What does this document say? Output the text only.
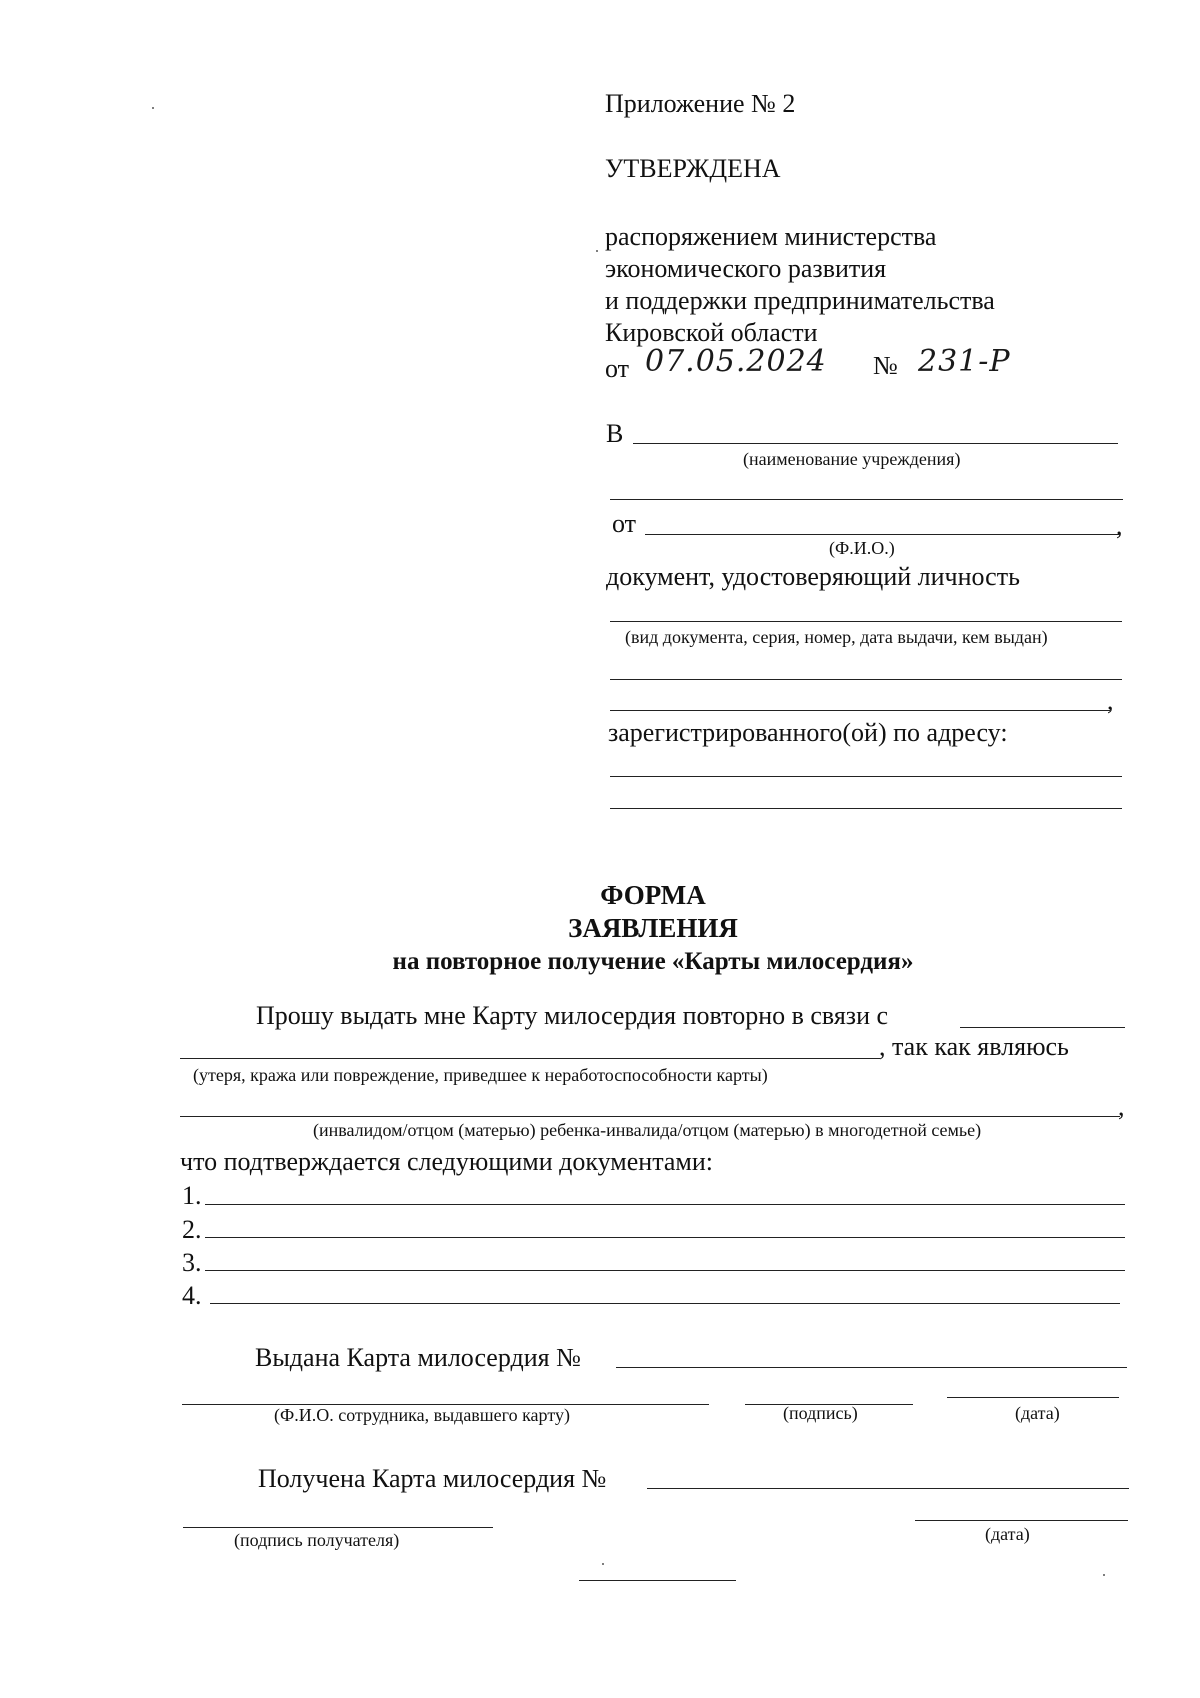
Приложение № 2
УТВЕРЖДЕНА
распоряжением министерства
экономического развития
и поддержки предпринимательства
Кировской области
от 07.05.2024 № 231-Р
В
(наименование учреждения)
от	,
(Ф.И.О.)
документ, удостоверяющий личность
(вид документа, серия, номер, дата выдачи, кем выдан)
,
зарегистрированного(ой) по адресу:
ФОРМА
ЗАЯВЛЕНИЯ
на повторное получение «Карты милосердия»
Прошу выдать мне Карту милосердия повторно в связи с
, так как являюсь
(утеря, кража или повреждение, приведшее к неработоспособности карты)
,
(инвалидом/отцом (матерью) ребенка-инвалида/отцом (матерью) в многодетной семье)
что подтверждается следующими документами:
1.
2.
3.
4.
Выдана Карта милосердия №
(Ф.И.О. сотрудника, выдавшего карту)	(подпись)	(дата)
Получена Карта милосердия №
(подпись получателя)	(дата)
